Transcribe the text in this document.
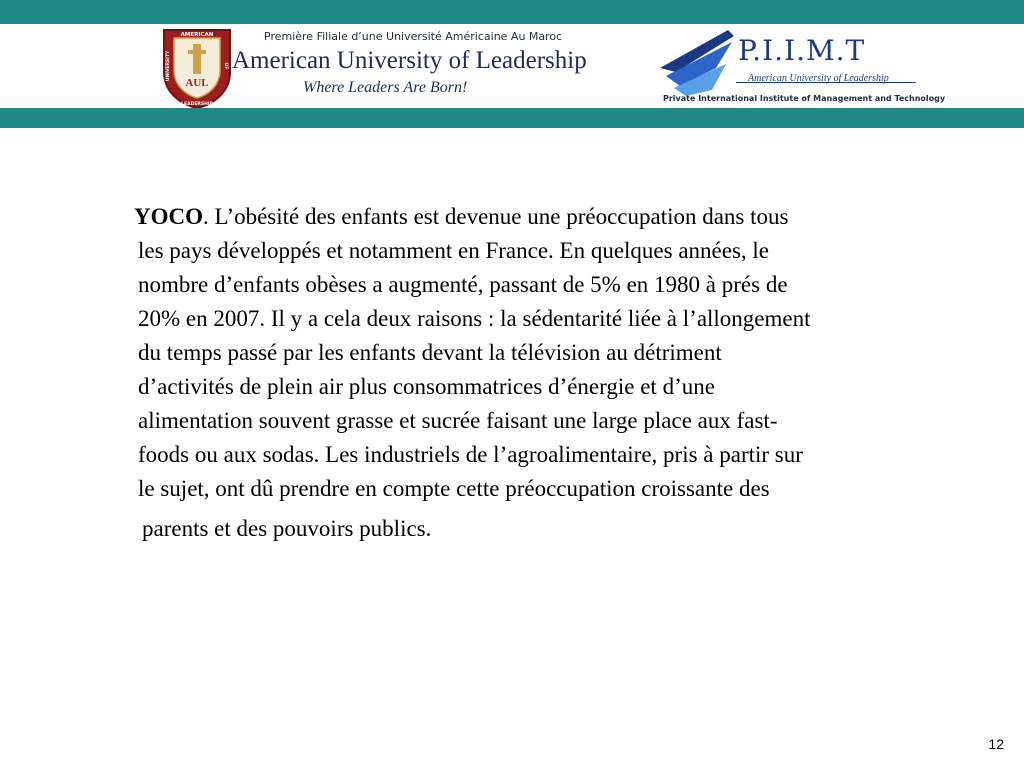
AMERICAN
UNIVERSITY	OF
LEADERSHIP
AUL
Première Filiale d’une Université Américaine Au Maroc
American University of Leadership
Where Leaders Are Born!
P.I.I.M.T
American University of Leadership
Private International Institute of Management and Technology
YOCO. L’obésité des enfants est devenue une préoccupation dans tous
les pays développés et notamment en France. En quelques années, le
nombre d’enfants obèses a augmenté, passant de 5% en 1980 à prés de
20% en 2007. Il y a cela deux raisons : la sédentarité liée à l’allongement
du temps passé par les enfants devant la télévision au détriment
d’activités de plein air plus consommatrices d’énergie et d’une
alimentation souvent grasse et sucrée faisant une large place aux fast-
foods ou aux sodas. Les industriels de l’agroalimentaire, pris à partir sur
le sujet, ont dû prendre en compte cette préoccupation croissante des
parents et des pouvoirs publics.
12
